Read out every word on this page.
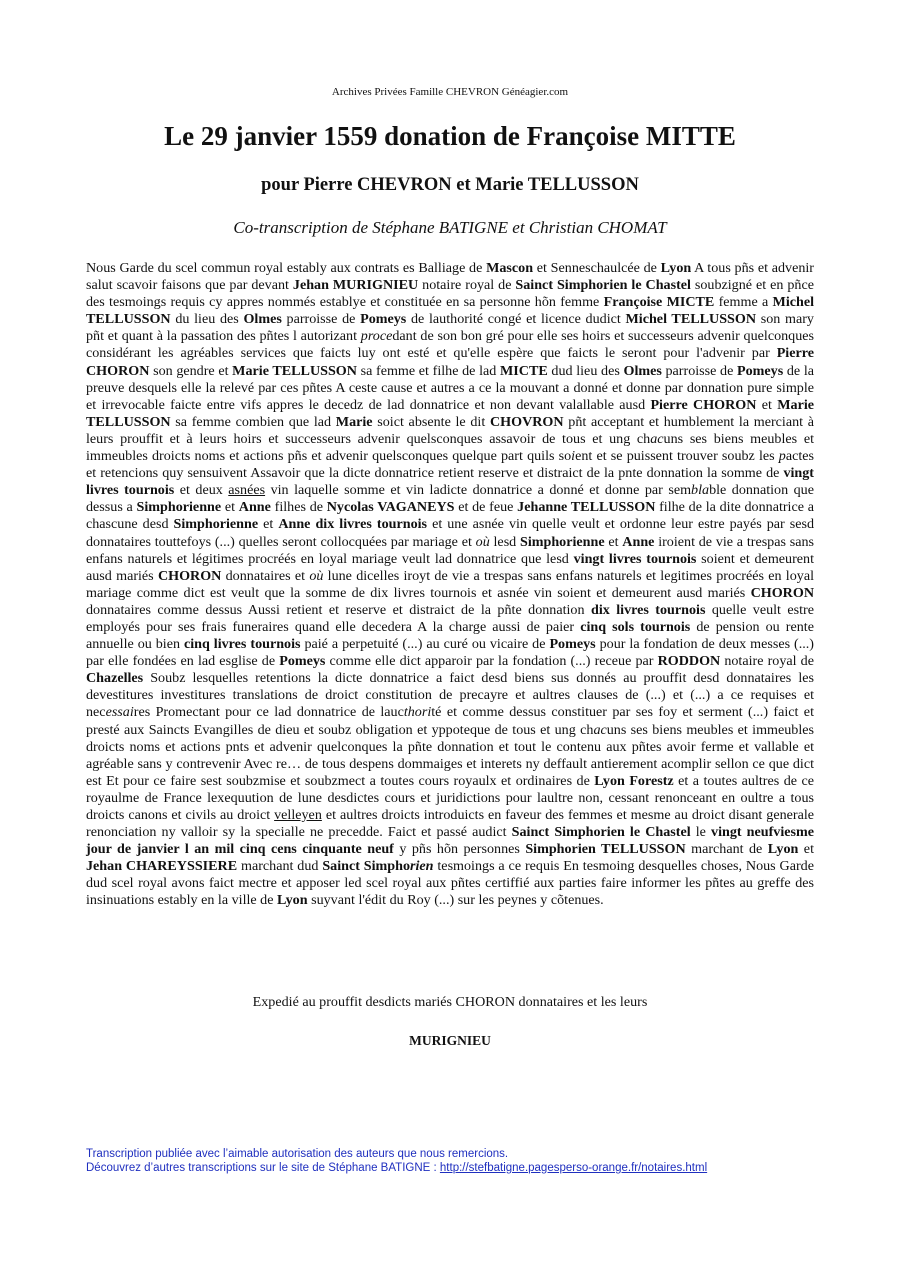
Archives Privées Famille CHEVRON Généagier.com
Le 29 janvier 1559 donation de Françoise MITTE
pour Pierre CHEVRON et Marie TELLUSSON
Co-transcription de Stéphane BATIGNE et Christian CHOMAT

Nous Garde du scel commun royal estably aux contrats es Balliage de Mascon et Senneschaulcée de Lyon A tous pñs et advenir salut scavoir faisons que par devant Jehan MURIGNIEU notaire royal de Sainct Simphorien le Chastel soubzigné et en pñce des tesmoings requis cy appres nommés establye et constituée en sa personne hõn femme Françoise MICTE femme a Michel TELLUSSON du lieu des Olmes parroisse de Pomeys de lauthorité congé et licence dudict Michel TELLUSSON son mary pñt et quant à la passation des pñtes l autorizant procedant de son bon gré pour elle ses hoirs et successeurs advenir quelconques considérant les agréables services que faicts luy ont esté et qu'elle espère que faicts le seront pour l'advenir par Pierre CHORON son gendre et Marie TELLUSSON sa femme et filhe de lad MICTE dud lieu des Olmes parroisse de Pomeys de la preuve desquels elle la relevé par ces pñtes A ceste cause et autres a ce la mouvant a donné et donne par donnation pure simple et irrevocable faicte entre vifs appres le decedz de lad donnatrice et non devant valallable ausd Pierre CHORON et Marie TELLUSSON sa femme combien que lad Marie soict absente le dit CHOVRON pñt acceptant et humblement la merciant à leurs prouffit et à leurs hoirs et successeurs advenir quelsconques assavoir de tous et ung chacuns ses biens meubles et immeubles droicts noms et actions pñs et advenir quelsconques quelque part quils soient et se puissent trouver soubz les pactes et retencions quy sensuivent Assavoir que la dicte donnatrice retient reserve et distraict de la pnte donnation la somme de vingt livres tournois et deux asnées vin laquelle somme et vin ladicte donnatrice a donné et donne par semblable donnation que dessus a Simphorienne et Anne filhes de Nycolas VAGANEYS et de feue Jehanne TELLUSSON filhe de la dite donnatrice a chascune desd Simphorienne et Anne dix livres tournois et une asnée vin quelle veult et ordonne leur estre payés par sesd donnataires touttefoys (...) quelles seront collocquées par mariage et où lesd Simphorienne et Anne iroient de vie a trespas sans enfans naturels et légitimes procréés en loyal mariage veult lad donnatrice que lesd vingt livres tournois soient et demeurent ausd mariés CHORON donnataires et où lune dicelles iroyt de vie a trespas sans enfans naturels et legitimes procréés en loyal mariage comme dict est veult que la somme de dix livres tournois et asnée vin soient et demeurent ausd mariés CHORON donnataires comme dessus Aussi retient et reserve et distraict de la pñte donnation dix livres tournois quelle veult estre employés pour ses frais funeraires quand elle decedera A la charge aussi de paier cinq sols tournois de pension ou rente annuelle ou bien cinq livres tournois paié a perpetuité (...) au curé ou vicaire de Pomeys pour la fondation de deux messes (...) par elle fondées en lad esglise de Pomeys comme elle dict apparoir par la fondation (...) receue par RODDON notaire royal de Chazelles Soubz lesquelles retentions la dicte donnatrice a faict desd biens sus donnés au prouffit desd donnataires les devestitures investitures translations de droict constitution de precayre et aultres clauses de (...) et (...) a ce requises et necessaires Promectant pour ce lad donnatrice de laucthorité et comme dessus constituer par ses foy et serment (...) faict et presté aux Saincts Evangilles de dieu et soubz obligation et yppoteque de tous et ung chacuns ses biens meubles et immeubles droicts noms et actions pnts et advenir quelconques la pñte donnation et tout le contenu aux pñtes avoir ferme et vallable et agréable sans y contrevenir Avec re… de tous despens dommaiges et interets ny deffault antierement acomplir sellon ce que dict est Et pour ce faire sest soubzmise et soubzmect a toutes cours royaulx et ordinaires de Lyon Forestz et a toutes aultres de ce royaulme de France lexequution de lune desdictes cours et juridictions pour laultre non, cessant renonceant en oultre a tous droicts canons et civils au droict velleyen et aultres droicts introduicts en faveur des femmes et mesme au droict disant generale renonciation ny valloir sy la specialle ne precedde. Faict et passé audict Sainct Simphorien le Chastel le vingt neufviesme jour de janvier l an mil cinq cens cinquante neuf y pñs hõn personnes Simphorien TELLUSSON marchant de Lyon et Jehan CHAREYSSIERE marchant dud Sainct Simphorien tesmoings a ce requis En tesmoing desquelles choses, Nous Garde dud scel royal avons faict mectre et apposer led scel royal aux pñtes certiffié aux parties faire informer les pñtes au greffe des insinuations estably en la ville de Lyon suyvant l'édit du Roy (...) sur les peynes y cõtenues.

Expedié au prouffit desdicts mariés CHORON donnataires et les leurs
MURIGNIEU
Transcription publiée avec l’aimable autorisation des auteurs que nous remercions.
Découvrez d’autres transcriptions sur le site de Stéphane BATIGNE : http://stefbatigne.pagesperso-orange.fr/notaires.html
